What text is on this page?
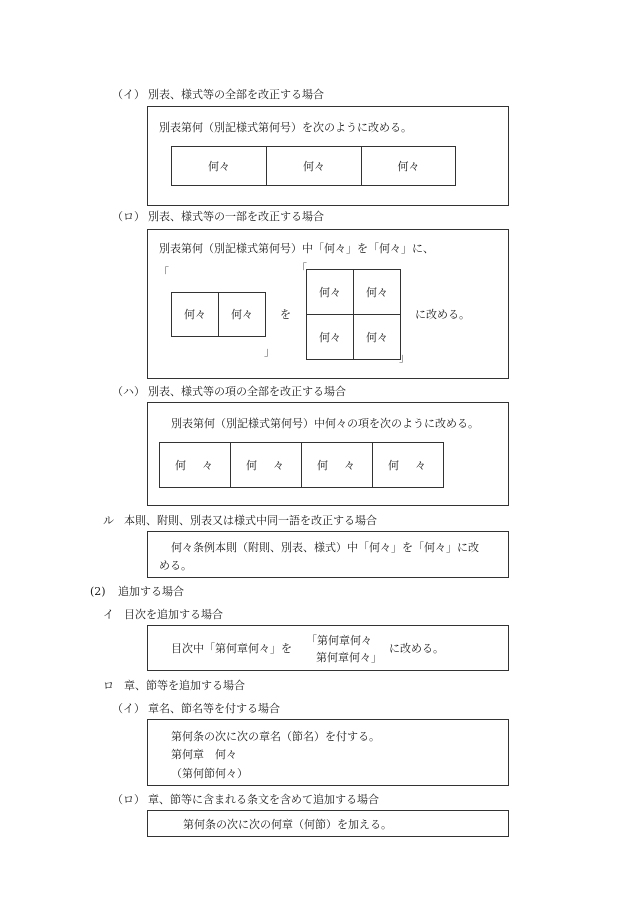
（イ） 別表、様式等の全部を改正する場合
別表第何（別記様式第何号）を次のように改める。
何々	何々	何々
（ロ） 別表、様式等の一部を改正する場合
別表第何（別記様式第何号）中「何々」を「何々」に、
「
何々	何々
」
を
「
何々	何々
何々	何々
」
に改める。
（ハ） 別表、様式等の項の全部を改正する場合
別表第何（別記様式第何号）中何々の項を次のように改める。
何 々	何 々	何 々	何 々
ル 本則、附則、別表又は様式中同一語を改正する場合
何々条例本則（附則、別表、様式）中「何々」を「何々」に改
める。
(2) 追加する場合
イ 目次を追加する場合
目次中「第何章何々」を
「第何章何々
第何章何々」
に改める。
ロ 章、節等を追加する場合
（イ） 章名、節名等を付する場合
第何条の次に次の章名（節名）を付する。
第何章　何々
（第何節何々）
（ロ） 章、節等に含まれる条文を含めて追加する場合
第何条の次に次の何章（何節）を加える。
